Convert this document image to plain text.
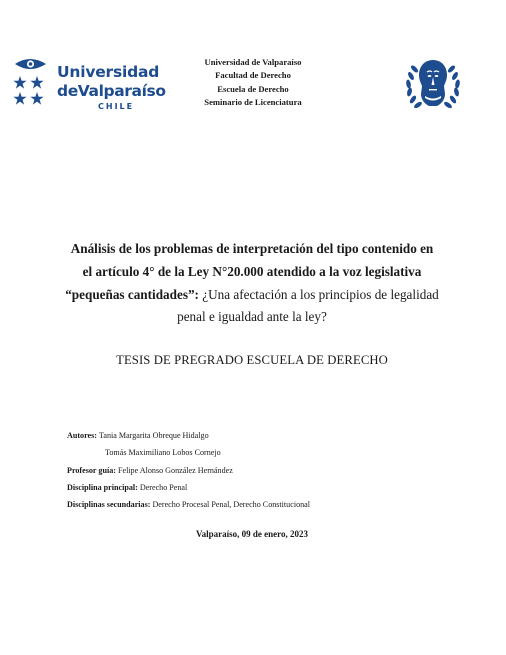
Universidad
deValparaíso
CHILE
Universidad de Valparaíso
Facultad de Derecho
Escuela de Derecho
Seminario de Licenciatura
Análisis de los problemas de interpretación del tipo contenido en
el artículo 4° de la Ley N°20.000 atendido a la voz legislativa
“pequeñas cantidades”: ¿Una afectación a los principios de legalidad
penal e igualdad ante la ley?
TESIS DE PREGRADO ESCUELA DE DERECHO
Autores: Tania Margarita Obreque Hidalgo
Tomás Maximiliano Lobos Cornejo
Profesor guía: Felipe Alonso González Hernández
Disciplina principal: Derecho Penal
Disciplinas secundarias: Derecho Procesal Penal, Derecho Constitucional
Valparaíso, 09 de enero, 2023
